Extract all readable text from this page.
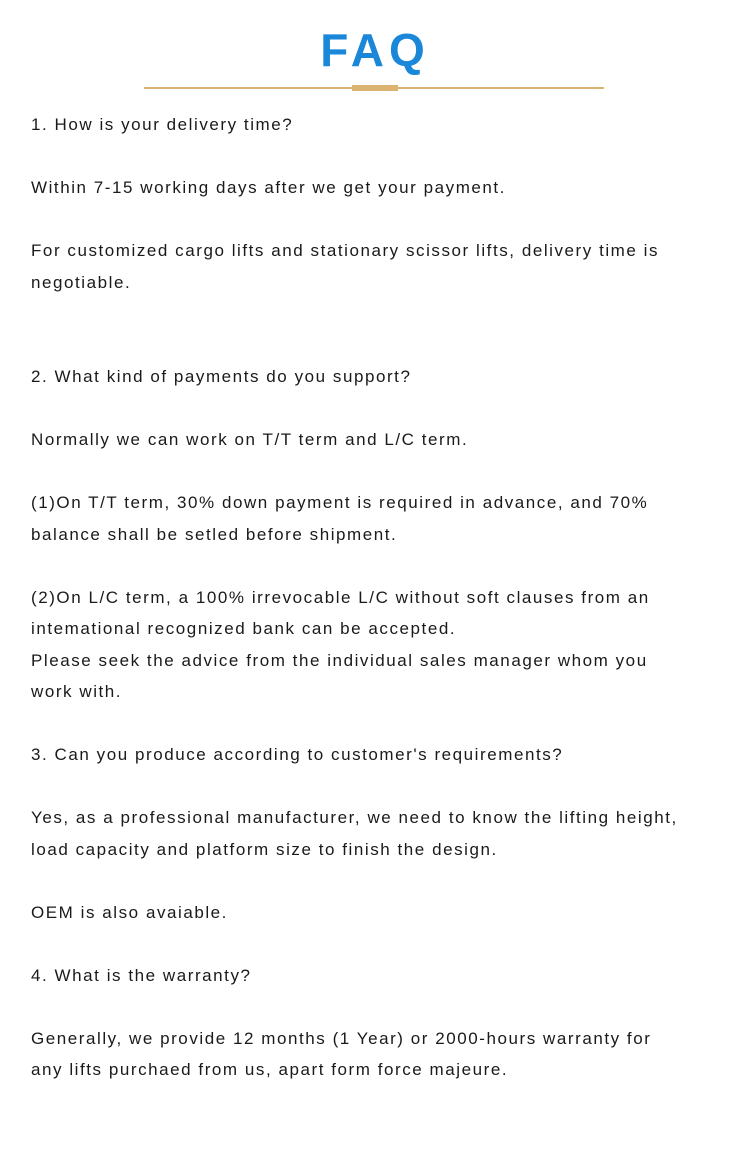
FAQ
1. How is your delivery time?
Within 7-15 working days after we get your payment.
For customized cargo lifts and stationary scissor lifts, delivery time is
negotiable.
2. What kind of payments do you support?
Normally we can work on T/T term and L/C term.
(1)On T/T term, 30% down payment is required in advance, and 70%
balance shall be setled before shipment.
(2)On L/C term, a 100% irrevocable L/C without soft clauses from an
intemational recognized bank can be accepted.
Please seek the advice from the individual sales manager whom you
work with.
3. Can you produce according to customer's requirements?
Yes, as a professional manufacturer, we need to know the lifting height,
load capacity and platform size to finish the design.
OEM is also avaiable.
4. What is the warranty?
Generally, we provide 12 months (1 Year) or 2000-hours warranty for
any lifts purchaed from us, apart form force majeure.
